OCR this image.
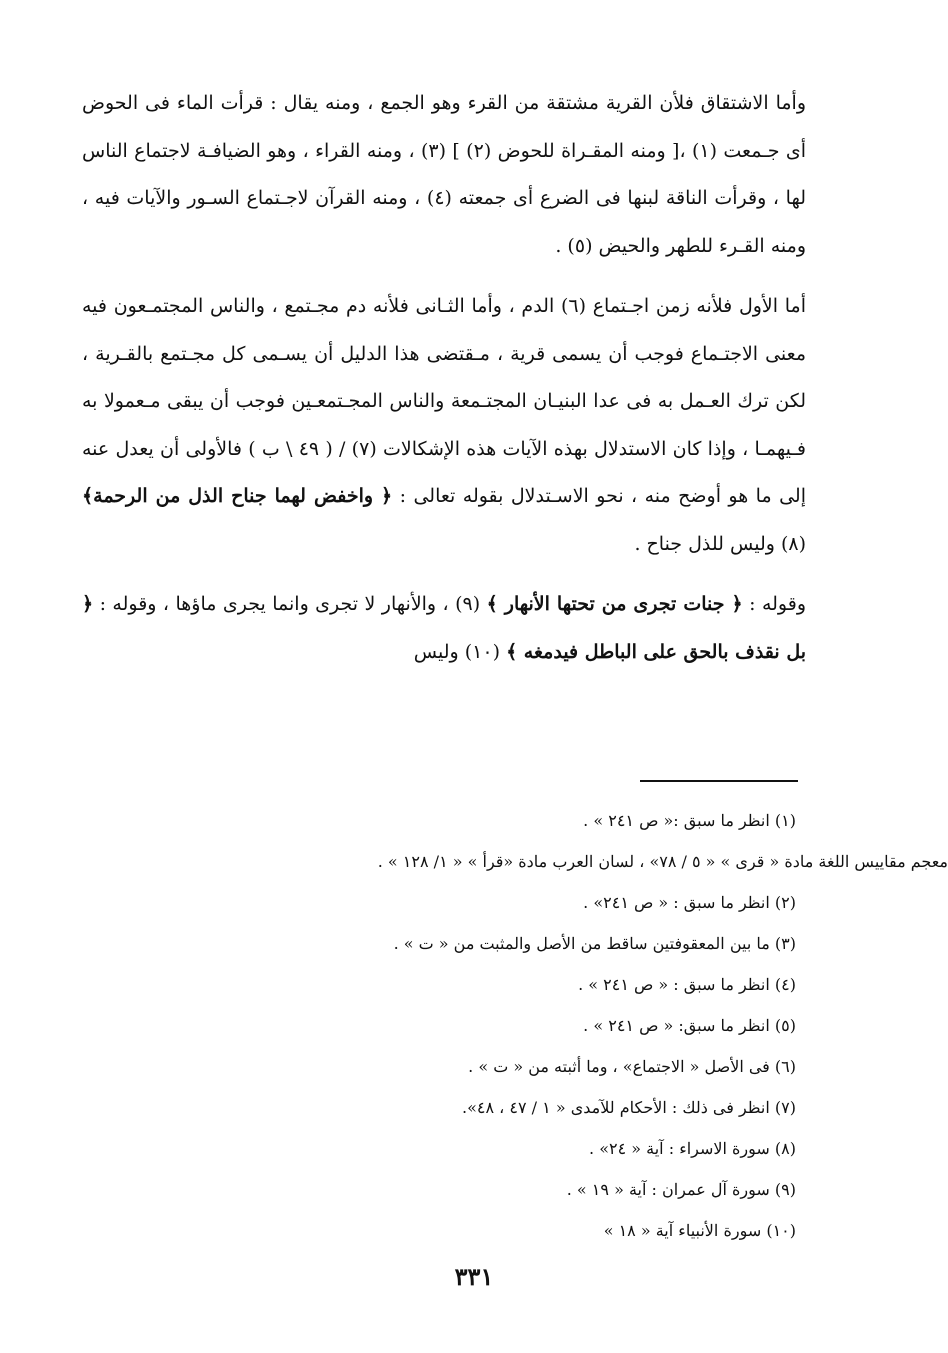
وأما الاشتقاق فلأن القرية مشتقة من القرء وهو الجمع ، ومنه يقال : قرأت الماء فى الحوض أى جـمعت (١) ،[ ومنه المقـراة للحوض (٢) ] (٣) ، ومنه القراء ، وهو الضيافـة لاجتماع الناس لها ، وقرأت الناقة لبنها فى الضرع أى جمعته (٤) ، ومنه القرآن لاجـتماع السـور والآيات فيه ، ومنه القـرء للطهر والحيض (٥) .

أما الأول فلأنه زمن اجـتماع (٦) الدم ، وأما الثـانى فلأنه دم مجـتمع ، والناس المجتمـعون فيه معنى الاجتـماع فوجب أن يسمى قرية ، مـقتضى هذا الدليل أن يسـمى كل مجـتمع بالقـرية ، لكن ترك العـمل به فى عدا البنيـان المجتـمعة والناس المجـتمعـين فوجب أن يبقى مـعمولا به فـيهمـا ، وإذا كان الاستدلال بهذه الآيات هذه الإشكالات (٧) / ( ٤٩ \ ب ) فالأولى أن يعدل عنه إلى ما هو أوضح منه ، نحو الاسـتدلال بقوله تعالى : ﴿ واخفض لهما جناح الذل من الرحمة﴾ (٨) وليس للذل جناح .

وقوله : ﴿ جنات تجرى من تحتها الأنهار ﴾ (٩) ، والأنهار لا تجرى وانما يجرى ماؤها ، وقوله : ﴿ بل نقذف بالحق على الباطل فيدمغه ﴾ (١٠) وليس

(١) انظر ما سبق :« ص ٢٤١ » .
معجم مقاييس اللغة مادة « قرى » « ٥ / ٧٨» ، لسان العرب مادة «قرأ » « ١/ ١٢٨ » .
(٢) انظر ما سبق : « ص ٢٤١» .
(٣) ما بين المعقوفتين ساقط من الأصل والمثبت من « ت » .
(٤) انظر ما سبق : « ص ٢٤١ » .
(٥) انظر ما سبق: « ص ٢٤١ » .
(٦) فى الأصل « الاجتماع» ، وما أثبته من « ت » .
(٧) انظر فى ذلك : الأحكام للآمدى « ١ / ٤٧ ، ٤٨».
(٨) سورة الاسراء : آية « ٢٤» .
(٩) سورة آل عمران : آية « ١٩ » .
(١٠) سورة الأنبياء آية « ١٨ »
٣٣١
